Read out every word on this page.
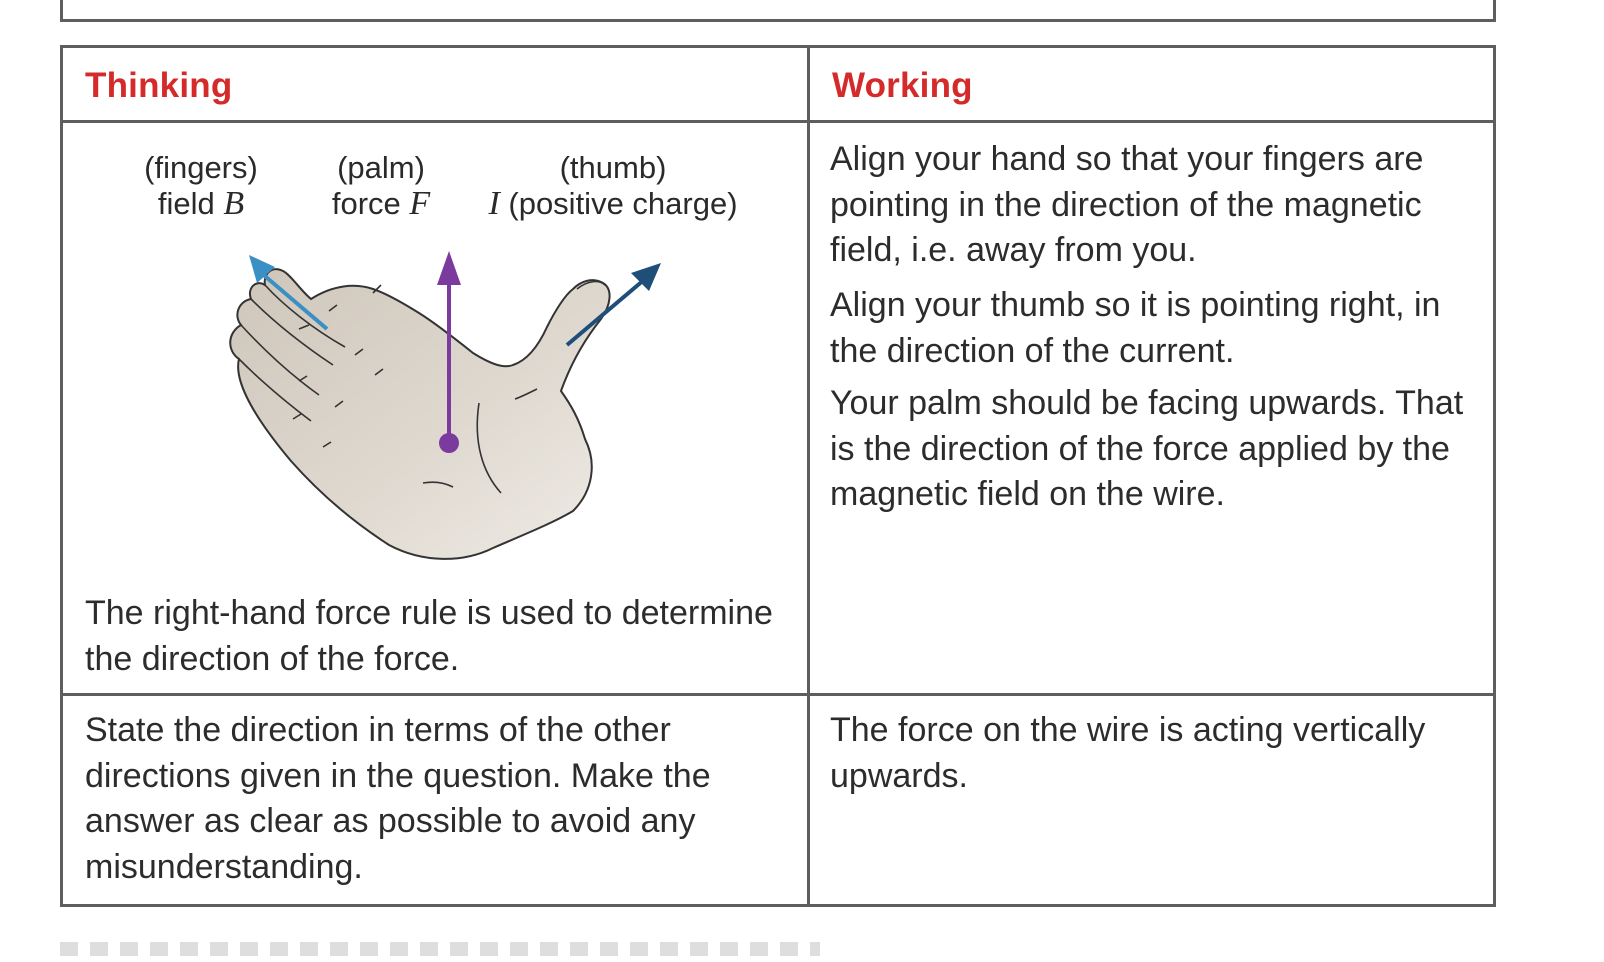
Thinking	Working
(fingers)
field B
(palm)
force F
(thumb)
I (positive charge)

The right-hand force rule is used to determine the direction of the force.

Align your hand so that your fingers are pointing in the direction of the magnetic field, i.e. away from you.

Align your thumb so it is pointing right, in the direction of the current.

Your palm should be facing upwards. That is the direction of the force applied by the magnetic field on the wire.

State the direction in terms of the other directions given in the question. Make the answer as clear as possible to avoid any misunderstanding.

The force on the wire is acting vertically upwards.
